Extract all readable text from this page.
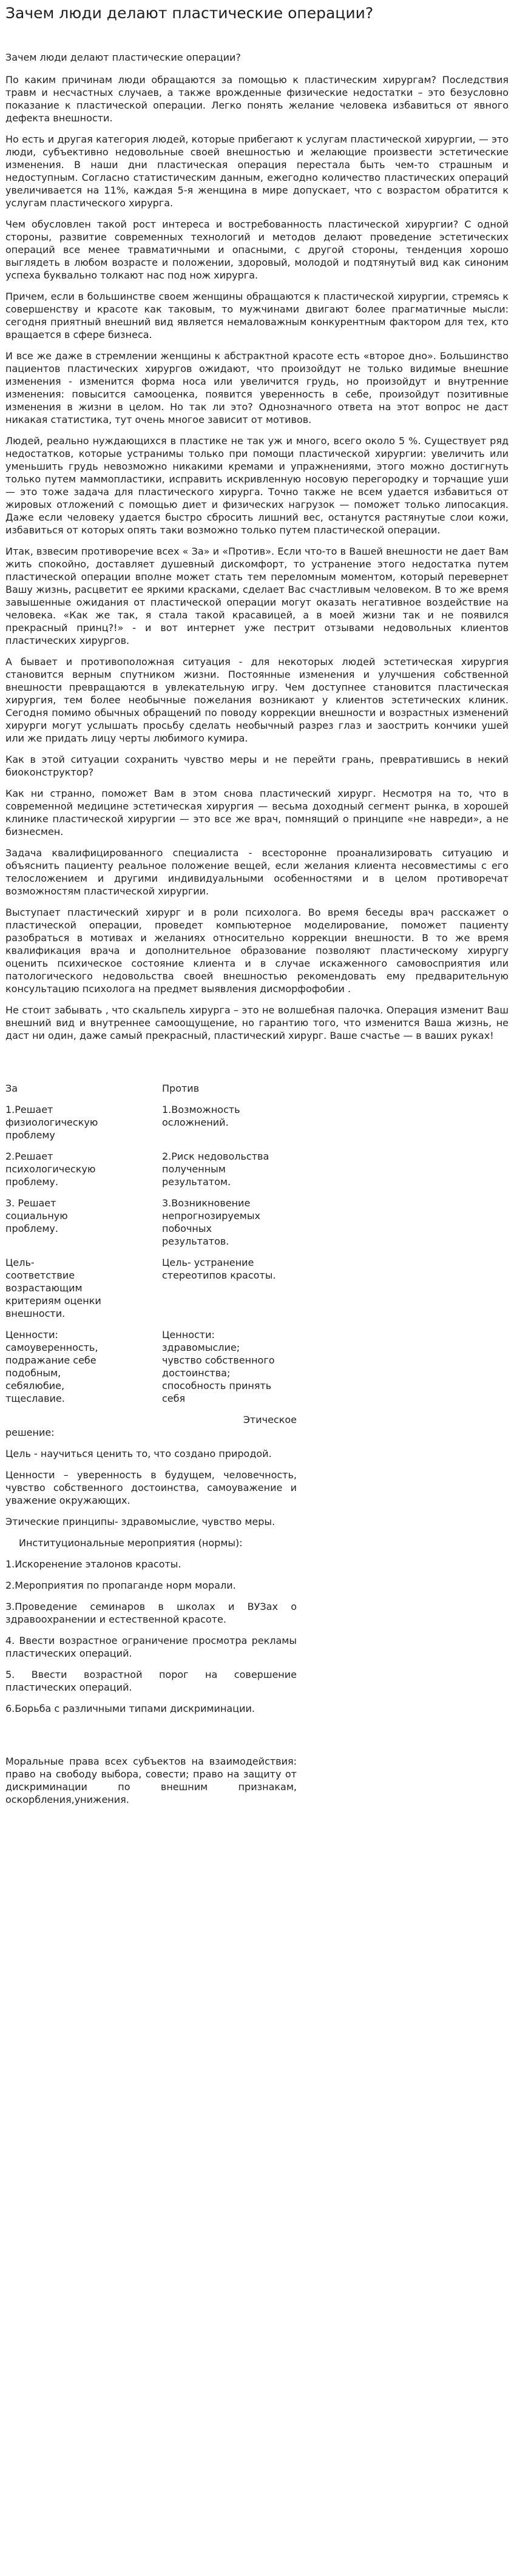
Зачем люди делают пластические операции?
Зачем люди делают пластические операции?

По каким причинам люди обращаются за помощью к пластическим хирургам? Последствия травм и несчастных случаев, а также врожденные физические недостатки – это безусловно показание к пластической операции. Легко понять желание человека избавиться от явного дефекта внешности.

Но есть и другая категория людей, которые прибегают к услугам пластической хирургии, — это люди, субъективно недовольные своей внешностью и желающие произвести эстетические изменения. В наши дни пластическая операция перестала быть чем-то страшным и недоступным. Согласно статистическим данным, ежегодно количество пластических операций увеличивается на 11%, каждая 5-я женщина в мире допускает, что с возрастом обратится к услугам пластического хирурга.

Чем обусловлен такой рост интереса и востребованность пластической хирургии? С одной стороны, развитие современных технологий и методов делают проведение эстетических операций все менее травматичными и опасными, с другой стороны, тенденция хорошо выглядеть в любом возрасте и положении, здоровый, молодой и подтянутый вид как синоним успеха буквально толкают нас под нож хирурга.

Причем, если в большинстве своем женщины обращаются к пластической хирургии, стремясь к совершенству и красоте как таковым, то мужчинами двигают более прагматичные мысли: сегодня приятный внешний вид является немаловажным конкурентным фактором для тех, кто вращается в сфере бизнеса.

И все же даже в стремлении женщины к абстрактной красоте есть «второе дно». Большинство пациентов пластических хирургов ожидают, что произойдут не только видимые внешние изменения - изменится форма носа или увеличится грудь, но произойдут и внутренние изменения: повысится самооценка, появится уверенность в себе, произойдут позитивные изменения в жизни в целом. Но так ли это? Однозначного ответа на этот вопрос не даст никакая статистика, тут очень многое зависит от мотивов.

Людей, реально нуждающихся в пластике не так уж и много, всего около 5 %. Существует ряд недостатков, которые устранимы только при помощи пластической хирургии: увеличить или уменьшить грудь невозможно никакими кремами и упражнениями, этого можно достигнуть только путем маммопластики, исправить искривленную носовую перегородку и торчащие уши — это тоже задача для пластического хирурга. Точно также не всем удается избавиться от жировых отложений с помощью диет и физических нагрузок — поможет только липосакция. Даже если человеку удается быстро сбросить лишний вес, останутся растянутые слои кожи, избавиться от которых опять таки возможно только путем пластической операции.

Итак, взвесим противоречие всех « За» и «Против». Если что-то в Вашей внешности не дает Вам жить спокойно, доставляет душевный дискомфорт, то устранение этого недостатка путем пластической операции вполне может стать тем переломным моментом, который перевернет Вашу жизнь, расцветит ее яркими красками, сделает Вас счастливым человеком. В то же время завышенные ожидания от пластической операции могут оказать негативное воздействие на человека. «Как же так, я стала такой красавицей, а в моей жизни так и не появился прекрасный принц?!» - и вот интернет уже пестрит отзывами недовольных клиентов пластических хирургов.

А бывает и противоположная ситуация - для некоторых людей эстетическая хирургия становится верным спутником жизни. Постоянные изменения и улучшения собственной внешности превращаются в увлекательную игру. Чем доступнее становится пластическая хирургия, тем более необычные пожелания возникают у клиентов эстетических клиник. Сегодня помимо обычных обращений по поводу коррекции внешности и возрастных изменений хирурги могут услышать просьбу сделать необычный разрез глаз и заострить кончики ушей или же придать лицу черты любимого кумира.

Как в этой ситуации сохранить чувство меры и не перейти грань, превратившись в некий биоконструктор?

Как ни странно, поможет Вам в этом снова пластический хирург. Несмотря на то, что в современной медицине эстетическая хирургия — весьма доходный сегмент рынка, в хорошей клинике пластической хирургии — это все же врач, помнящий о принципе «не навреди», а не бизнесмен.

Задача квалифицированного специалиста - всесторонне проанализировать ситуацию и объяснить пациенту реальное положение вещей, если желания клиента несовместимы с его телосложением и другими индивидуальными особенностями и в целом противоречат возможностям пластической хирургии.

Выступает пластический хирург и в роли психолога. Во время беседы врач расскажет о пластической операции, проведет компьютерное моделирование, поможет пациенту разобраться в мотивах и желаниях относительно коррекции внешности. В то же время квалификация врача и дополнительное образование позволяют пластическому хирургу оценить психическое состояние клиента и в случае искаженного самовосприятия или патологического недовольства своей внешностью рекомендовать ему предварительную консультацию психолога на предмет выявления дисморфофобии .

Не стоит забывать , что скальпель хирурга – это не волшебная палочка. Операция изменит Ваш внешний вид и внутреннее самоощущение, но гарантию того, что изменится Ваша жизнь, не даст ни один, даже самый прекрасный, пластический хирург. Ваше счастье — в ваших руках!

За	Против
1.Решает физиологическую проблему
1.Возможность осложнений.
2.Решает психологическую проблему.
2.Риск недовольства полученным результатом.
3. Решает социальную проблему.
3.Возникновение непрогнозируемых побочных результатов.
Цель- соответствие возрастающим критериям оценки внешности.
Цель- устранение стереотипов красоты.
Ценности: самоуверенность, подражание себе подобным, себялюбие, тщеславие.
Ценности: здравомыслие; чувство собственного достоинства; способность принять себя
Этическое

решение:

Цель - научиться ценить то, что создано природой.

Ценности – уверенность в будущем, человечность, чувство собственного достоинства, самоуважение и уважение окружающих.

Этические принципы- здравомыслие, чувство меры.

Институциональные мероприятия (нормы):

1.Искоренение эталонов красоты.

2.Мероприятия по пропаганде норм морали.

3.Проведение семинаров в школах и ВУЗах о здравоохранении и естественной красоте.

4. Ввести возрастное ограничение просмотра рекламы пластических операций.

5. Ввести возрастной порог на совершение пластических операций.

6.Борьба с различными типами дискриминации.

Моральные права всех субъектов на взаимодействия: право на свободу выбора, совести; право на защиту от дискриминации по внешним признакам, оскорбления,унижения.
